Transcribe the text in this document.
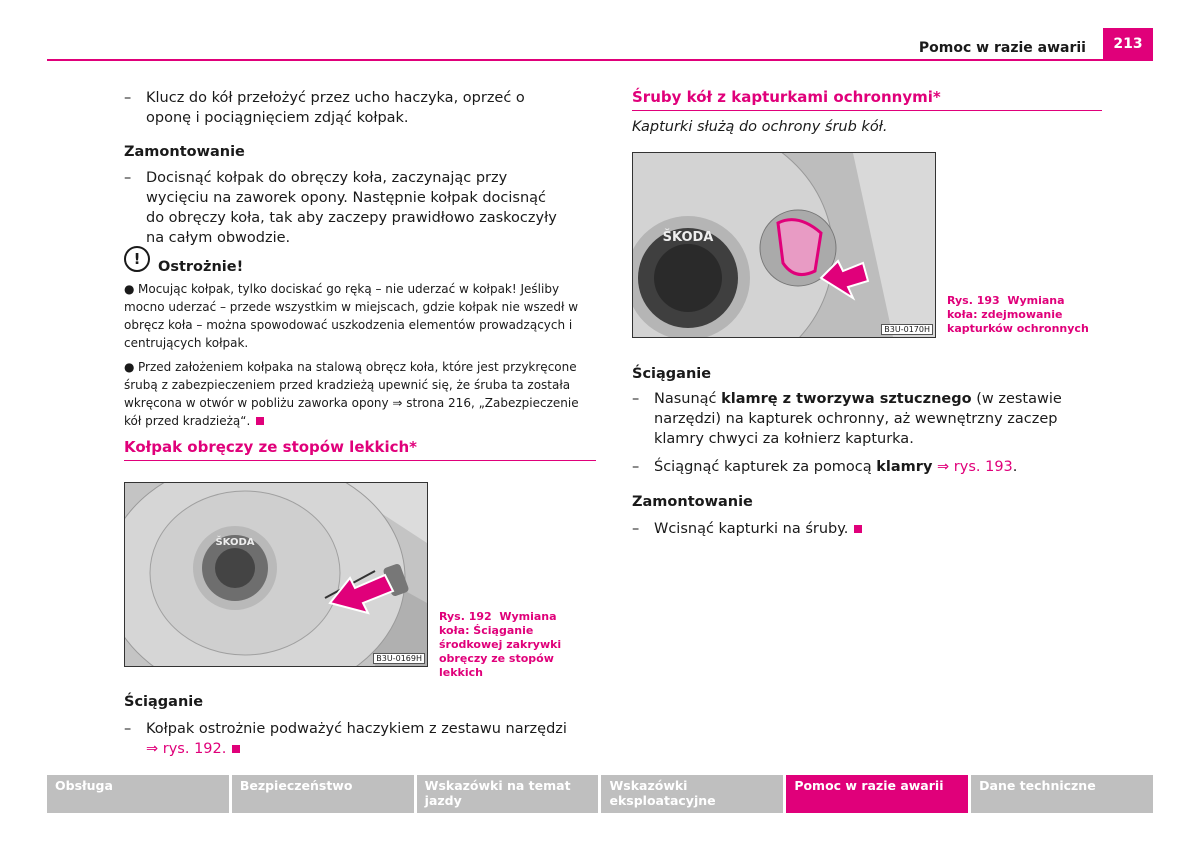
Pomoc w razie awarii	213
–	Klucz do kół przełożyć przez ucho haczyka, oprzeć o oponę i pociągnięciem zdjąć kołpak.
Zamontowanie
–	Docisnąć kołpak do obręczy koła, zaczynając przy wycięciu na zaworek opony. Następnie kołpak docisnąć do obręczy koła, tak aby zaczepy prawidłowo zaskoczyły na całym obwodzie.
!	Ostrożnie!
● Mocując kołpak, tylko dociskać go ręką – nie uderzać w kołpak! Jeśliby mocno uderzać – przede wszystkim w miejscach, gdzie kołpak nie wszedł w obręcz koła – można spowodować uszkodzenia elementów prowadzących i centrujących kołpak.
● Przed założeniem kołpaka na stalową obręcz koła, które jest przykręcone śrubą z zabezpieczeniem przed kradzieżą upewnić się, że śruba ta została wkręcona w otwór w pobliżu zaworka opony ⇒ strona 216, „Zabezpieczenie kół przed kradzieżą“.
Kołpak obręczy ze stopów lekkich*
ŠKODA
B3U-0169H
Rys. 192 Wymiana koła: Ściąganie środkowej zakrywki obręczy ze stopów lekkich
Ściąganie
–	Kołpak ostrożnie podważyć haczykiem z zestawu narzędzi
⇒ rys. 192.
Śruby kół z kapturkami ochronnymi*
Kapturki służą do ochrony śrub kół.
ŠKODA
B3U-0170H
Rys. 193 Wymiana koła: zdejmowanie kapturków ochronnych
Ściąganie
–	Nasunąć klamrę z tworzywa sztucznego (w zestawie narzędzi) na kapturek ochronny, aż wewnętrzny zaczep klamry chwyci za kołnierz kapturka.
–	Ściągnąć kapturek za pomocą klamry ⇒ rys. 193.
Zamontowanie
–	Wcisnąć kapturki na śruby.
Obsługa	Bezpieczeństwo	Wskazówki na temat jazdy
Wskazówki eksploatacyjne
Pomoc w razie awarii	Dane techniczne
